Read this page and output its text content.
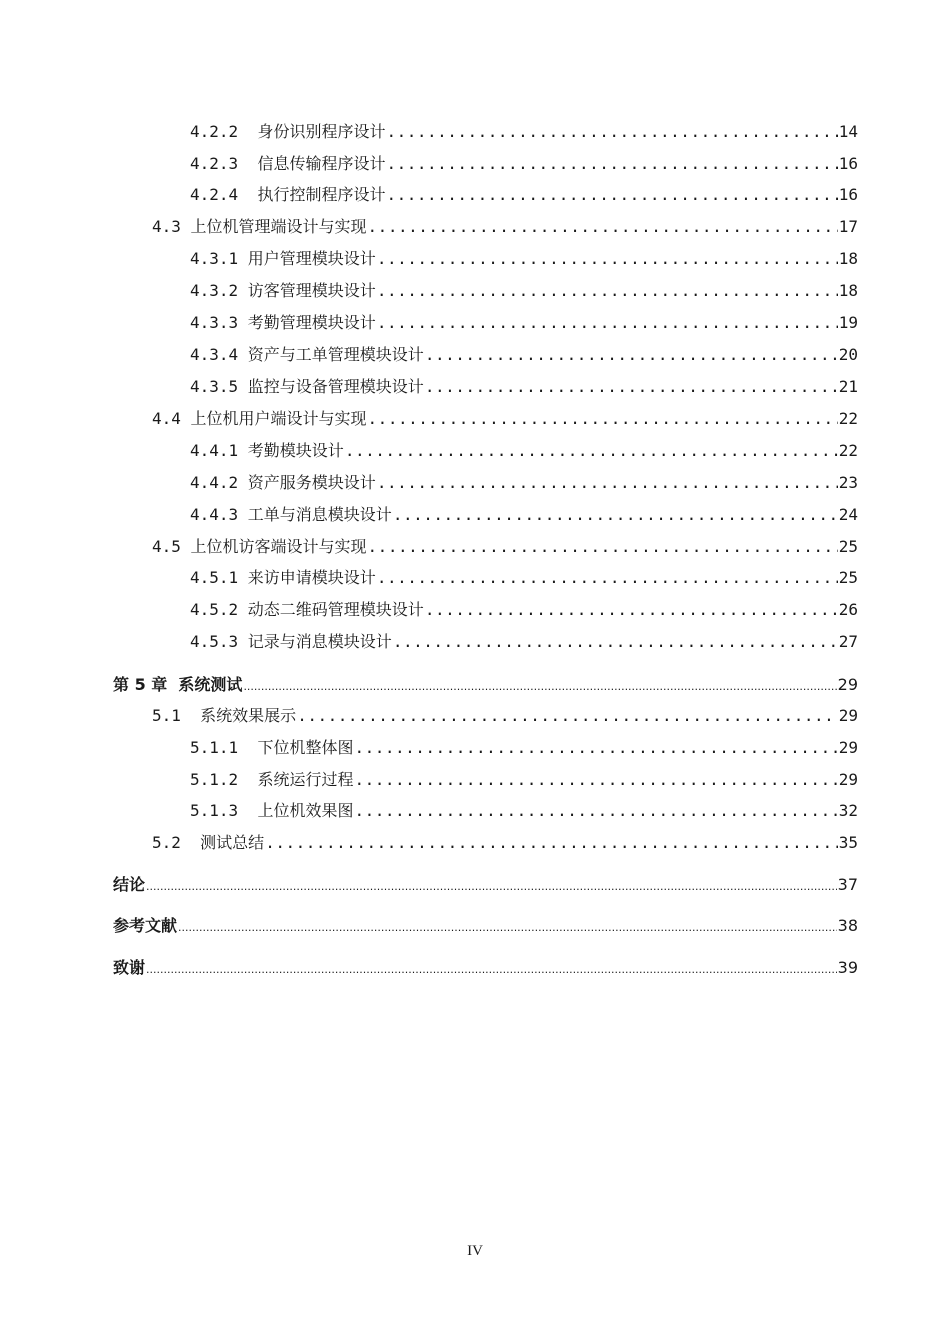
4.2.2 身份识别程序设计 .....	14
4.2.3 信息传输程序设计 .....	16
4.2.4 执行控制程序设计 .....	16
4.3 上位机管理端设计与实现 .....	17
4.3.1 用户管理模块设计 .....	18
4.3.2 访客管理模块设计 .....	18
4.3.3 考勤管理模块设计 .....	19
4.3.4 资产与工单管理模块设计 .....	20
4.3.5 监控与设备管理模块设计 .....	21
4.4 上位机用户端设计与实现 .....	22
4.4.1 考勤模块设计 .....	22
4.4.2 资产服务模块设计 .....	23
4.4.3 工单与消息模块设计 .....	24
4.5 上位机访客端设计与实现 .....	25
4.5.1 来访申请模块设计 .....	25
4.5.2 动态二维码管理模块设计 .....	26
4.5.3 记录与消息模块设计 .....	27
第 5 章 系统测试 .....	29
5.1 系统效果展示 .....	29
5.1.1 下位机整体图 .....	29
5.1.2 系统运行过程 .....	29
5.1.3 上位机效果图 .....	32
5.2 测试总结 .....	35
结论 .....	37
参考文献 .....	38
致谢 .....	39
IV
